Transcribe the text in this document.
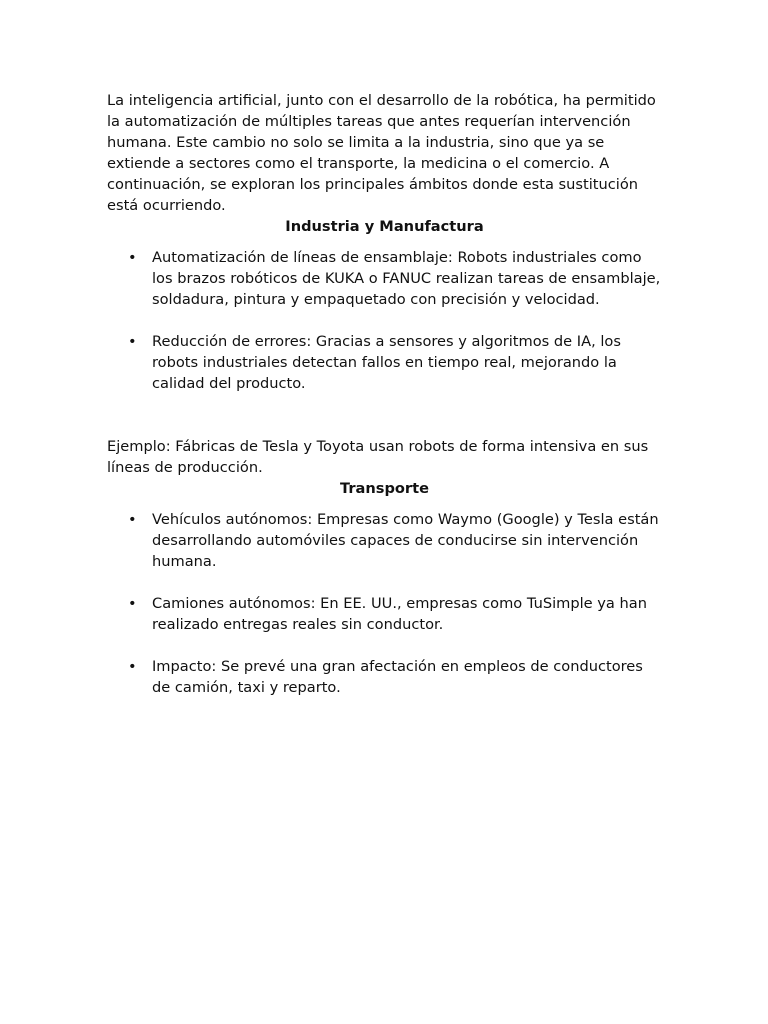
La inteligencia artificial, junto con el desarrollo de la robótica, ha permitido la automatización de múltiples tareas que antes requerían intervención humana. Este cambio no solo se limita a la industria, sino que ya se extiende a sectores como el transporte, la medicina o el comercio. A continuación, se exploran los principales ámbitos donde esta sustitución está ocurriendo.

Industria y Manufactura
• Automatización de líneas de ensamblaje: Robots industriales como los brazos robóticos de KUKA o FANUC realizan tareas de ensamblaje, soldadura, pintura y empaquetado con precisión y velocidad.
• Reducción de errores: Gracias a sensores y algoritmos de IA, los robots industriales detectan fallos en tiempo real, mejorando la calidad del producto.

Ejemplo: Fábricas de Tesla y Toyota usan robots de forma intensiva en sus líneas de producción.

Transporte
• Vehículos autónomos: Empresas como Waymo (Google) y Tesla están desarrollando automóviles capaces de conducirse sin intervención humana.
• Camiones autónomos: En EE. UU., empresas como TuSimple ya han realizado entregas reales sin conductor.
• Impacto: Se prevé una gran afectación en empleos de conductores de camión, taxi y reparto.
